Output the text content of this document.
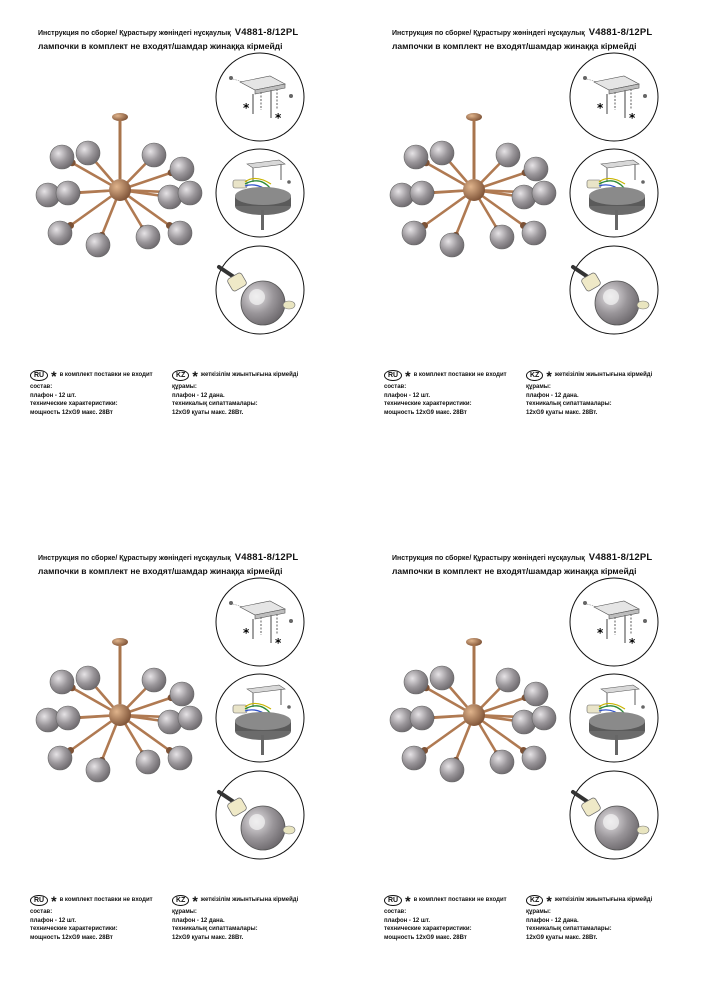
Инструкция по сборке/ Құрастыру жөніндегі нұсқаулық V4881-8/12PL
лампочки в комплект не входят/шамдар жинаққа кірмейді
*
*
RU * в комплект поставки не входит
состав:
плафон - 12 шт.
технические характеристики:
мощность 12xG9 макс. 28Вт
KZ * жеткізілім жиынтығына кірмейді
құрамы:
плафон - 12 дана.
техникалық сипаттамалары:
12xG9 қуаты макс. 28Вт.
Инструкция по сборке/ Құрастыру жөніндегі нұсқаулық V4881-8/12PL
лампочки в комплект не входят/шамдар жинаққа кірмейді
*
*
RU * в комплект поставки не входит
состав:
плафон - 12 шт.
технические характеристики:
мощность 12xG9 макс. 28Вт
KZ * жеткізілім жиынтығына кірмейді
құрамы:
плафон - 12 дана.
техникалық сипаттамалары:
12xG9 қуаты макс. 28Вт.
Инструкция по сборке/ Құрастыру жөніндегі нұсқаулық V4881-8/12PL
лампочки в комплект не входят/шамдар жинаққа кірмейді
*
*
RU * в комплект поставки не входит
состав:
плафон - 12 шт.
технические характеристики:
мощность 12xG9 макс. 28Вт
KZ * жеткізілім жиынтығына кірмейді
құрамы:
плафон - 12 дана.
техникалық сипаттамалары:
12xG9 қуаты макс. 28Вт.
Инструкция по сборке/ Құрастыру жөніндегі нұсқаулық V4881-8/12PL
лампочки в комплект не входят/шамдар жинаққа кірмейді
*
*
RU * в комплект поставки не входит
состав:
плафон - 12 шт.
технические характеристики:
мощность 12xG9 макс. 28Вт
KZ * жеткізілім жиынтығына кірмейді
құрамы:
плафон - 12 дана.
техникалық сипаттамалары:
12xG9 қуаты макс. 28Вт.
